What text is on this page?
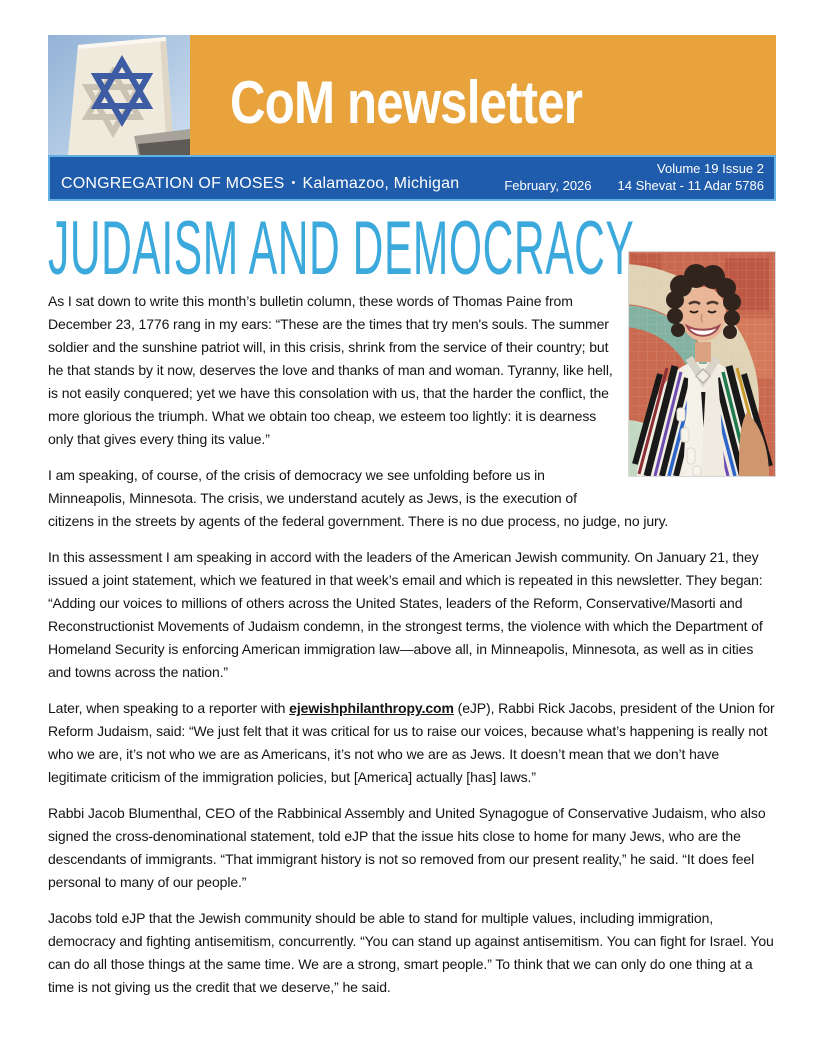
CoM newsletter
CONGREGATION OF MOSES • Kalamazoo, Michigan
Volume 19 Issue 2
February, 2026 14 Shevat - 11 Adar 5786
JUDAISM AND DEMOCRACY

As I sat down to write this month’s bulletin column, these words of Thomas Paine from December 23, 1776 rang in my ears: “These are the times that try men's souls. The summer soldier and the sunshine patriot will, in this crisis, shrink from the service of their country; but he that stands by it now, deserves the love and thanks of man and woman. Tyranny, like hell, is not easily conquered; yet we have this consolation with us, that the harder the conflict, the more glorious the triumph. What we obtain too cheap, we esteem too lightly: it is dearness only that gives every thing its value.”

I am speaking, of course, of the crisis of democracy we see unfolding before us in Minneapolis, Minnesota. The crisis, we understand acutely as Jews, is the execution of citizens in the streets by agents of the federal government. There is no due process, no judge, no jury.

In this assessment I am speaking in accord with the leaders of the American Jewish community. On January 21, they issued a joint statement, which we featured in that week’s email and which is repeated in this newsletter. They began: “Adding our voices to millions of others across the United States, leaders of the Reform, Conservative/Masorti and Reconstructionist Movements of Judaism condemn, in the strongest terms, the violence with which the Department of Homeland Security is enforcing American immigration law—above all, in Minneapolis, Minnesota, as well as in cities and towns across the nation.”

Later, when speaking to a reporter with ejewishphilanthropy.com (eJP), Rabbi Rick Jacobs, president of the Union for Reform Judaism, said: “We just felt that it was critical for us to raise our voices, because what’s happening is really not who we are, it’s not who we are as Americans, it’s not who we are as Jews. It doesn’t mean that we don’t have legitimate criticism of the immigration policies, but [America] actually [has] laws.”

Rabbi Jacob Blumenthal, CEO of the Rabbinical Assembly and United Synagogue of Conservative Judaism, who also signed the cross-denominational statement, told eJP that the issue hits close to home for many Jews, who are the descendants of immigrants. “That immigrant history is not so removed from our present reality,” he said. “It does feel personal to many of our people.”

Jacobs told eJP that the Jewish community should be able to stand for multiple values, including immigration, democracy and fighting antisemitism, concurrently. “You can stand up against antisemitism. You can fight for Israel. You can do all those things at the same time. We are a strong, smart people.” To think that we can only do one thing at a time is not giving us the credit that we deserve,” he said.
